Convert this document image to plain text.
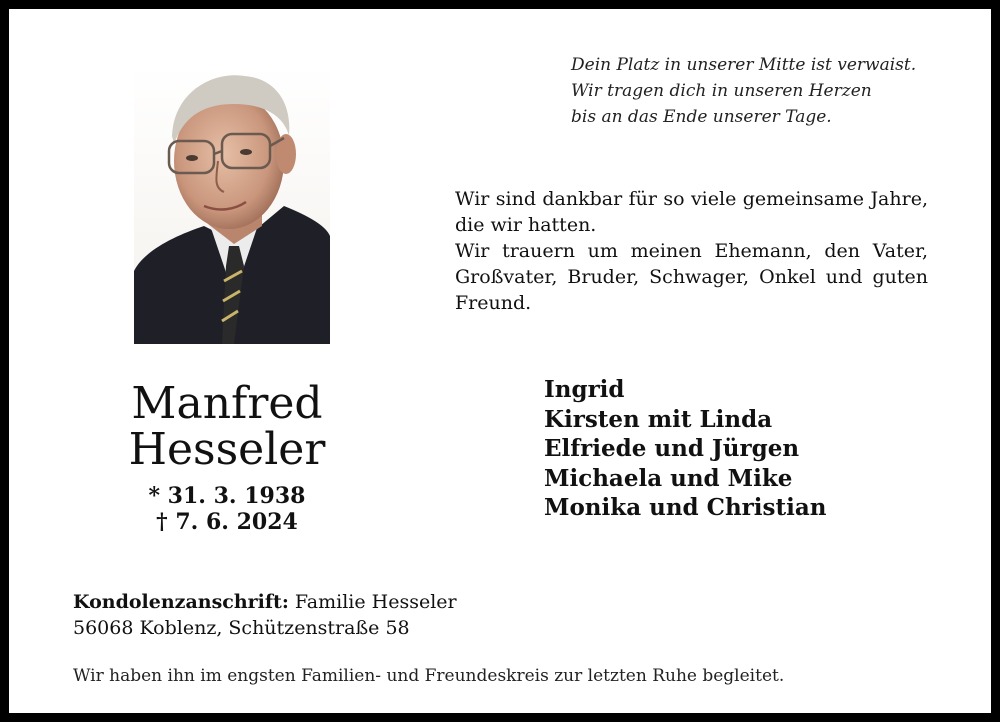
Dein Platz in unserer Mitte ist verwaist.
Wir tragen dich in unseren Herzen
bis an das Ende unserer Tage.

Wir sind dankbar für so viele gemeinsame Jahre, die wir hatten.

Wir trauern um meinen Ehemann, den Vater, Großvater, Bruder, Schwager, Onkel und guten Freund.

Manfred
Hesseler
* 31. 3. 1938
† 7. 6. 2024
Ingrid
Kirsten mit Linda
Elfriede und Jürgen
Michaela und Mike
Monika und Christian
Kondolenzanschrift: Familie Hesseler
56068 Koblenz, Schützenstraße 58
Wir haben ihn im engsten Familien- und Freundeskreis zur letzten Ruhe begleitet.
